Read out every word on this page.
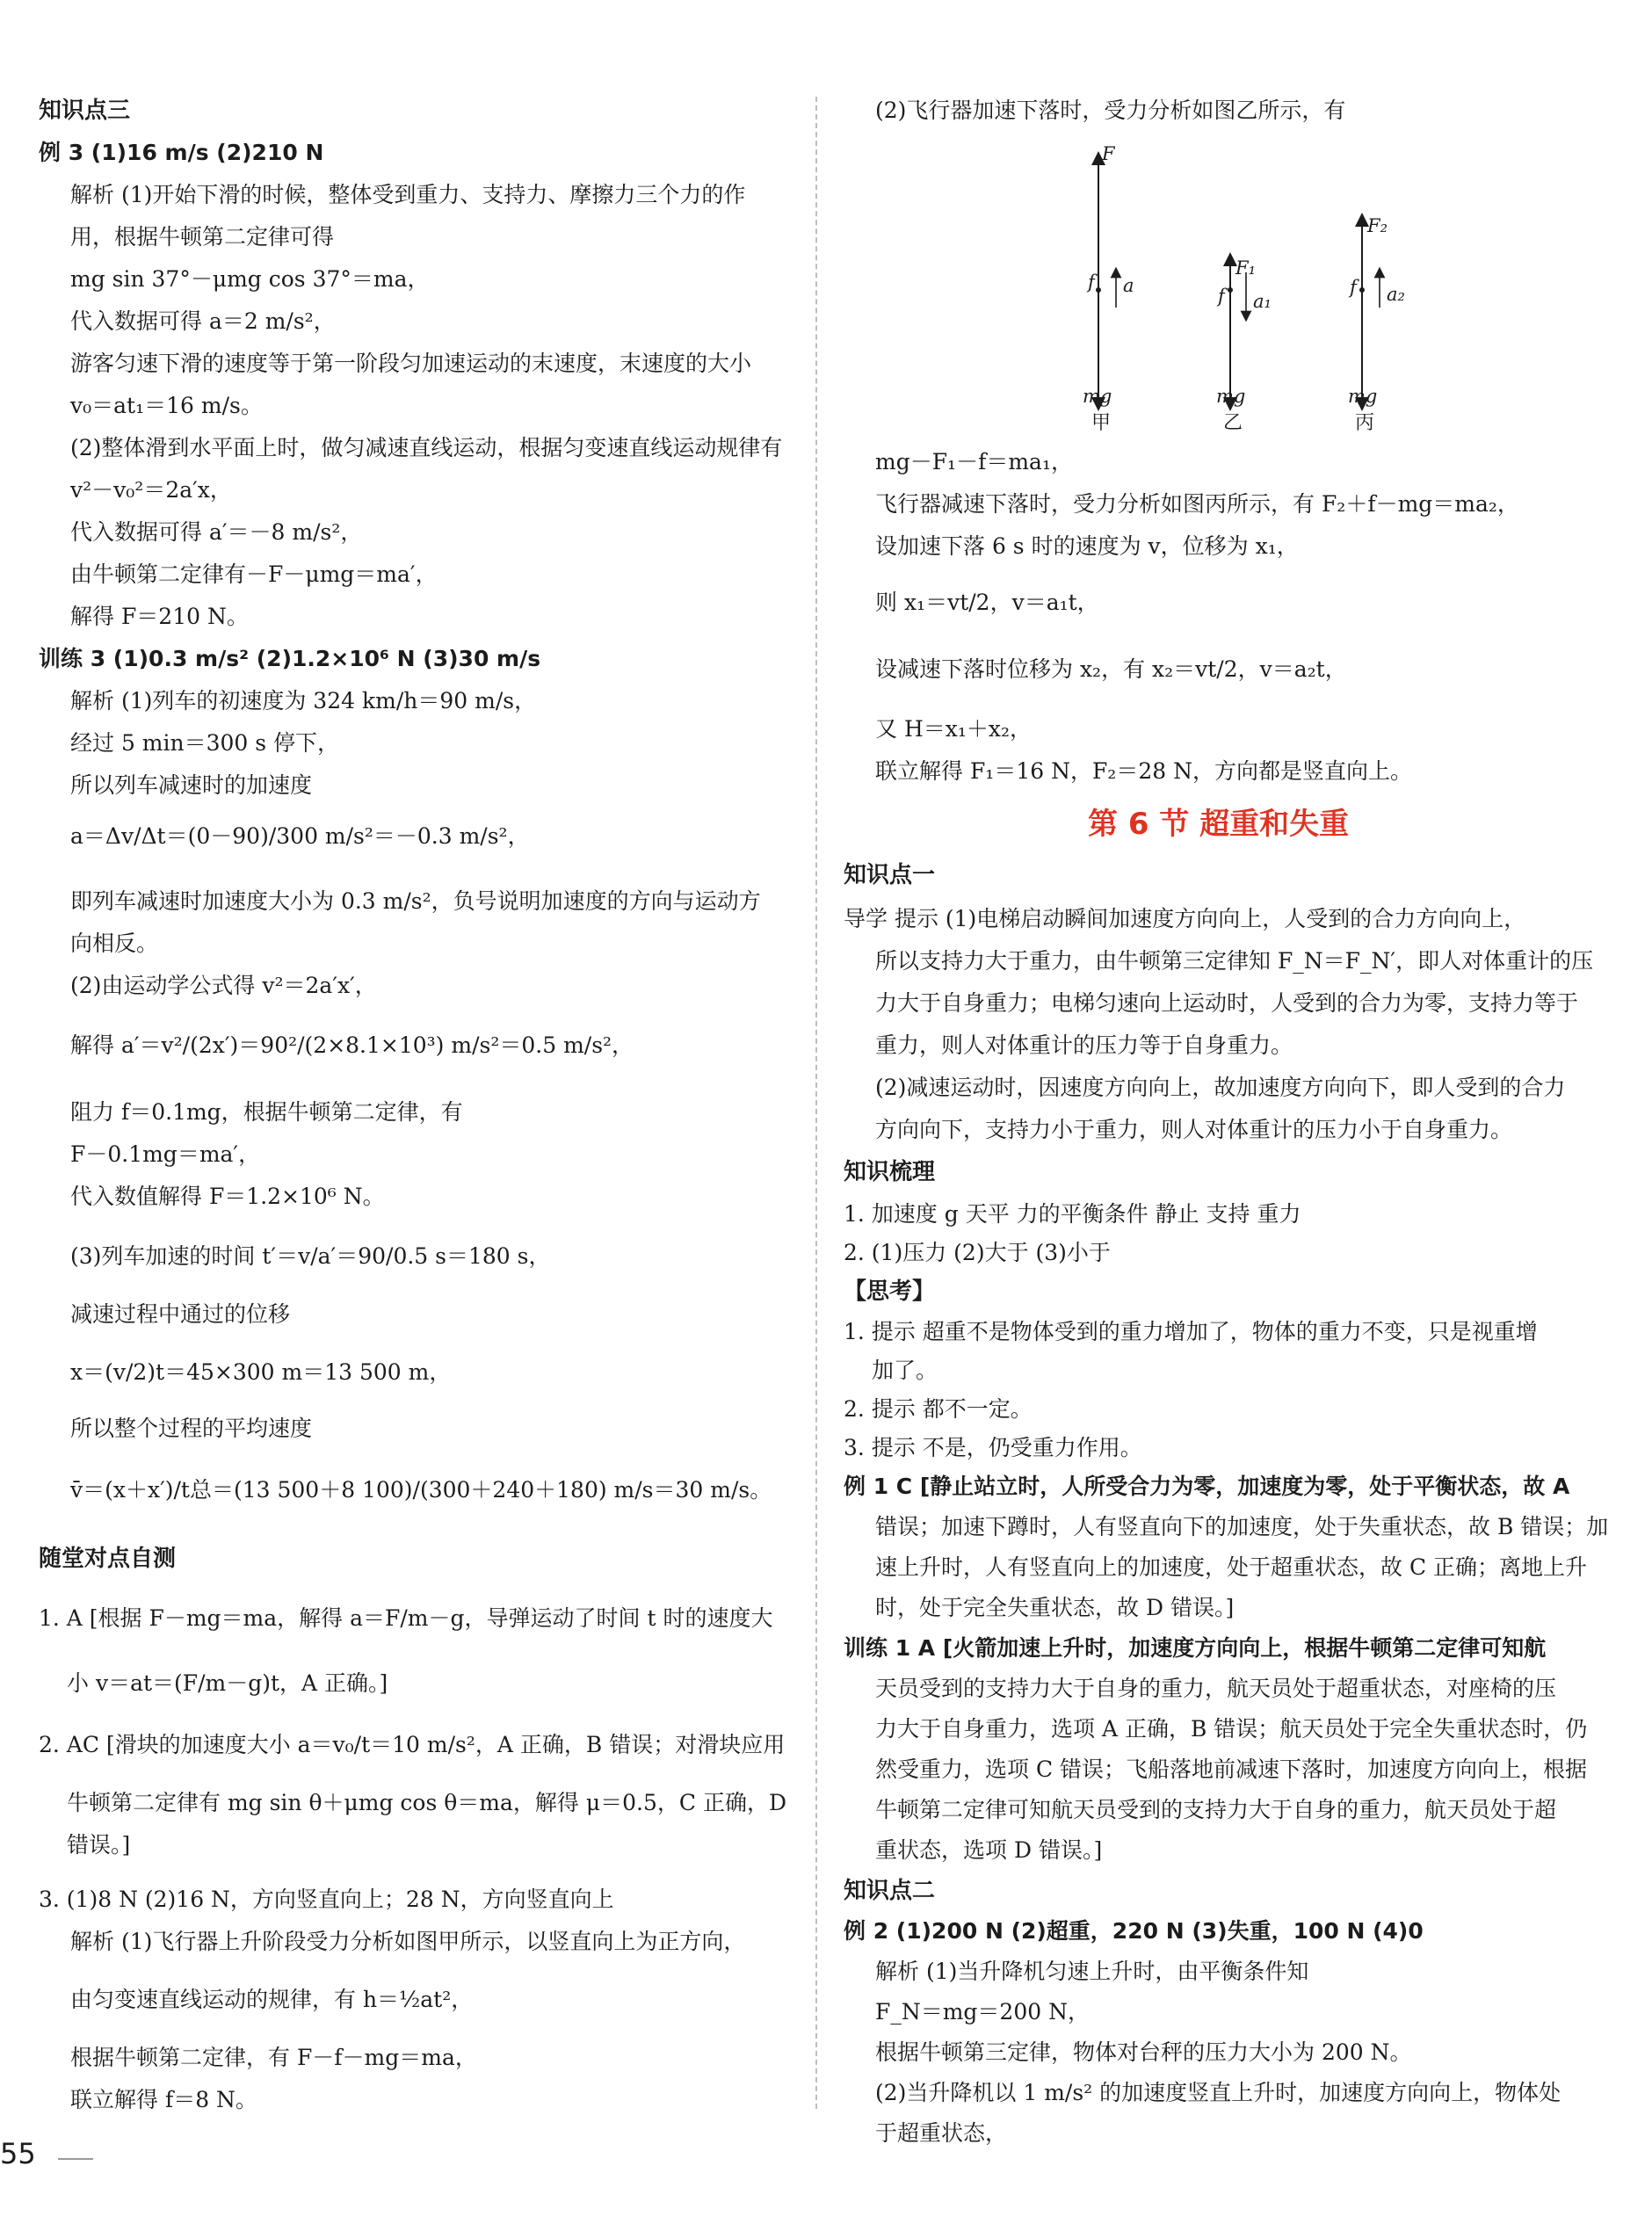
知识点三
例 3 (1)16 m/s (2)210 N
解析 (1)开始下滑的时候，整体受到重力、支持力、摩擦力三个力的作
用，根据牛顿第二定律可得
mg sin 37°－μmg cos 37°＝ma，
代入数据可得 a＝2 m/s²，
游客匀速下滑的速度等于第一阶段匀加速运动的末速度，末速度的大小
v₀＝at₁＝16 m/s。
(2)整体滑到水平面上时，做匀减速直线运动，根据匀变速直线运动规律有
v²－v₀²＝2a′x，
代入数据可得 a′＝－8 m/s²，
由牛顿第二定律有－F－μmg＝ma′，
解得 F＝210 N。
训练 3 (1)0.3 m/s² (2)1.2×10⁶ N (3)30 m/s
解析 (1)列车的初速度为 324 km/h＝90 m/s，
经过 5 min＝300 s 停下，
所以列车减速时的加速度
a＝Δv/Δt＝(0－90)/300 m/s²＝－0.3 m/s²，
即列车减速时加速度大小为 0.3 m/s²，负号说明加速度的方向与运动方
向相反。
(2)由运动学公式得 v²＝2a′x′，
解得 a′＝v²/(2x′)＝90²/(2×8.1×10³) m/s²＝0.5 m/s²，
阻力 f＝0.1mg，根据牛顿第二定律，有
F－0.1mg＝ma′，
代入数值解得 F＝1.2×10⁶ N。
(3)列车加速的时间 t′＝v/a′＝90/0.5 s＝180 s，
减速过程中通过的位移
x＝(v/2)t＝45×300 m＝13 500 m，
所以整个过程的平均速度
v̄＝(x＋x′)/t总＝(13 500＋8 100)/(300＋240＋180) m/s＝30 m/s。
随堂对点自测
1. A [根据 F－mg＝ma，解得 a＝F/m－g，导弹运动了时间 t 时的速度大
小 v＝at＝(F/m－g)t，A 正确。]
2. AC [滑块的加速度大小 a＝v₀/t＝10 m/s²，A 正确，B 错误；对滑块应用
牛顿第二定律有 mg sin θ＋μmg cos θ＝ma，解得 μ＝0.5，C 正确，D
错误。]
3. (1)8 N (2)16 N，方向竖直向上；28 N，方向竖直向上
解析 (1)飞行器上升阶段受力分析如图甲所示，以竖直向上为正方向，
由匀变速直线运动的规律，有 h＝½at²，
根据牛顿第二定律，有 F－f－mg＝ma，
联立解得 f＝8 N。
(2)飞行器加速下落时，受力分析如图乙所示，有
mg－F₁－f＝ma₁，
飞行器减速下落时，受力分析如图丙所示，有 F₂＋f－mg＝ma₂，
设加速下落 6 s 时的速度为 v，位移为 x₁，
则 x₁＝vt/2，v＝a₁t，
设减速下落时位移为 x₂，有 x₂＝vt/2，v＝a₂t，
又 H＝x₁＋x₂，
联立解得 F₁＝16 N，F₂＝28 N，方向都是竖直向上。
第 6 节 超重和失重
知识点一
导学 提示 (1)电梯启动瞬间加速度方向向上，人受到的合力方向向上，
所以支持力大于重力，由牛顿第三定律知 F_N＝F_N′，即人对体重计的压
力大于自身重力；电梯匀速向上运动时，人受到的合力为零，支持力等于
重力，则人对体重计的压力等于自身重力。
(2)减速运动时，因速度方向向上，故加速度方向向下，即人受到的合力
方向向下，支持力小于重力，则人对体重计的压力小于自身重力。
知识梳理
1. 加速度 g 天平 力的平衡条件 静止 支持 重力
2. (1)压力 (2)大于 (3)小于
【思考】
1. 提示 超重不是物体受到的重力增加了，物体的重力不变，只是视重增
加了。
2. 提示 都不一定。
3. 提示 不是，仍受重力作用。
例 1 C [静止站立时，人所受合力为零，加速度为零，处于平衡状态，故 A
错误；加速下蹲时，人有竖直向下的加速度，处于失重状态，故 B 错误；加
速上升时，人有竖直向上的加速度，处于超重状态，故 C 正确；离地上升
时，处于完全失重状态，故 D 错误。]
训练 1 A [火箭加速上升时，加速度方向向上，根据牛顿第二定律可知航
天员受到的支持力大于自身的重力，航天员处于超重状态，对座椅的压
力大于自身重力，选项 A 正确，B 错误；航天员处于完全失重状态时，仍
然受重力，选项 C 错误；飞船落地前减速下落时，加速度方向向上，根据
牛顿第二定律可知航天员受到的支持力大于自身的重力，航天员处于超
重状态，选项 D 错误。]
知识点二
例 2 (1)200 N (2)超重，220 N (3)失重，100 N (4)0
解析 (1)当升降机匀速上升时，由平衡条件知
F_N＝mg＝200 N，
根据牛顿第三定律，物体对台秤的压力大小为 200 N。
(2)当升降机以 1 m/s² 的加速度竖直上升时，加速度方向向上，物体处
于超重状态，
F
f a
mg
甲
F₁
f a₁
mg
乙
F₂
f a₂
mg
丙
55
